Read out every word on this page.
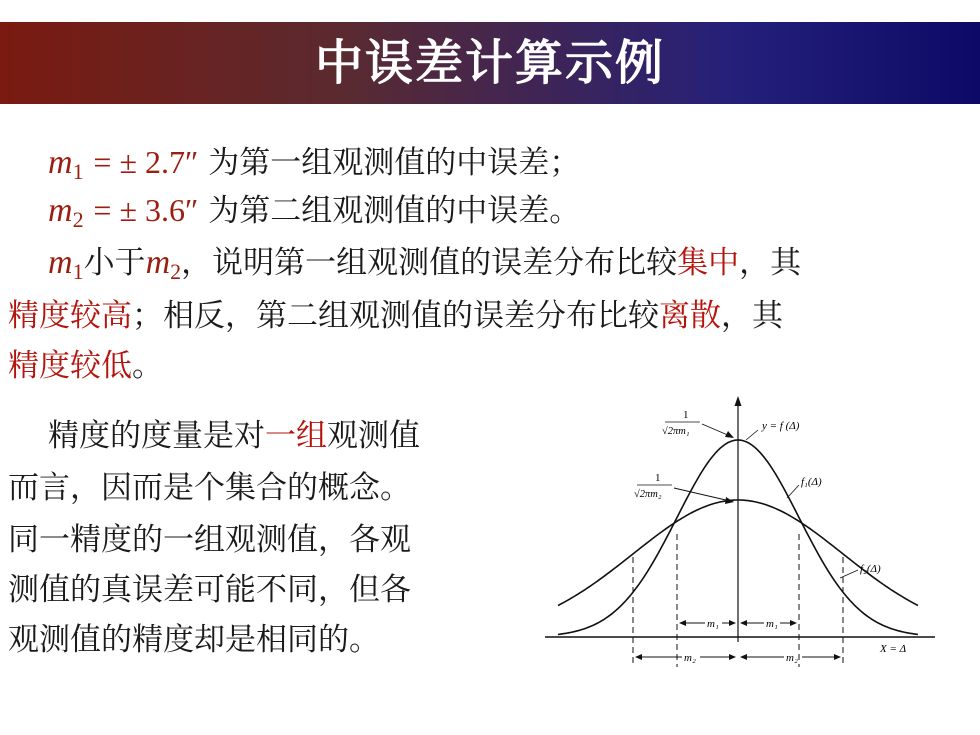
中误差计算示例
$m_1$ = ± 2.7″ 为第一组观测值的中误差；
$m_2$ = ± 3.6″ 为第二组观测值的中误差。
$m_1$小于$m_2$，说明第一组观测值的误差分布比较集中，其
精度较高；相反，第二组观测值的误差分布比较离散，其
精度较低。
精度的度量是对一组观测值
而言，因而是个集合的概念。
同一精度的一组观测值，各观
测值的真误差可能不同，但各
观测值的精度却是相同的。	m₁	m₁
m₂	m₂
1
√2πm₁
1
√2πm₂
y = f (Δ)
f₁(Δ)
f₂(Δ)
X = Δ
